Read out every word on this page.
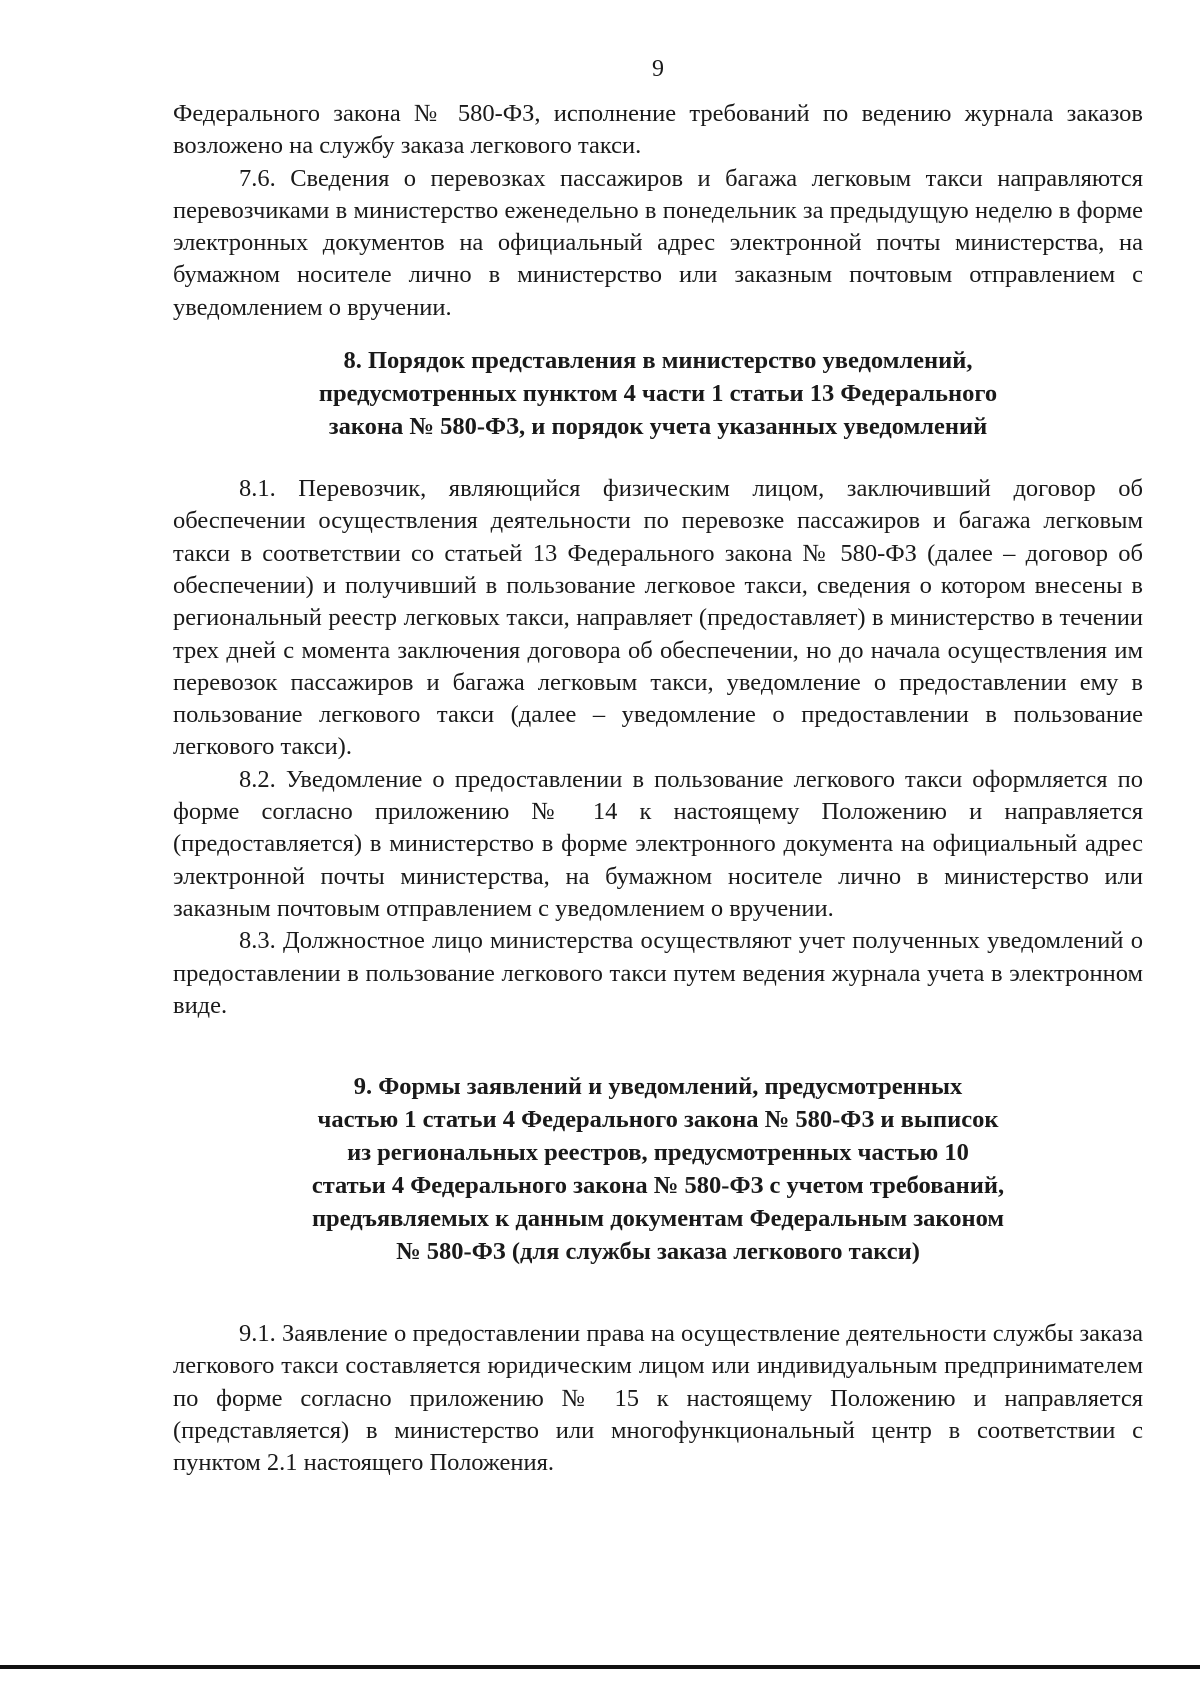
9

Федерального закона № 580-ФЗ, исполнение требований по ведению журнала заказов возложено на службу заказа легкового такси.

7.6. Сведения о перевозках пассажиров и багажа легковым такси направляются перевозчиками в министерство еженедельно в понедельник за предыдущую неделю в форме электронных документов на официальный адрес электронной почты министерства, на бумажном носителе лично в министерство или заказным почтовым отправлением с уведомлением о вручении.

8. Порядок представления в министерство уведомлений,
предусмотренных пунктом 4 части 1 статьи 13 Федерального
закона № 580-ФЗ, и порядок учета указанных уведомлений

8.1. Перевозчик, являющийся физическим лицом, заключивший договор об обеспечении осуществления деятельности по перевозке пассажиров и багажа легковым такси в соответствии со статьей 13 Федерального закона № 580-ФЗ (далее – договор об обеспечении) и получивший в пользование легковое такси, сведения о котором внесены в региональный реестр легковых такси, направляет (предоставляет) в министерство в течении трех дней с момента заключения договора об обеспечении, но до начала осуществления им перевозок пассажиров и багажа легковым такси, уведомление о предоставлении ему в пользование легкового такси (далее – уведомление о предоставлении в пользование легкового такси).

8.2. Уведомление о предоставлении в пользование легкового такси оформляется по форме согласно приложению № 14 к настоящему Положению и направляется (предоставляется) в министерство в форме электронного документа на официальный адрес электронной почты министерства, на бумажном носителе лично в министерство или заказным почтовым отправлением с уведомлением о вручении.

8.3. Должностное лицо министерства осуществляют учет полученных уведомлений о предоставлении в пользование легкового такси путем ведения журнала учета в электронном виде.

9. Формы заявлений и уведомлений, предусмотренных
частью 1 статьи 4 Федерального закона № 580-ФЗ и выписок
из региональных реестров, предусмотренных частью 10
статьи 4 Федерального закона № 580-ФЗ с учетом требований,
предъявляемых к данным документам Федеральным законом
№ 580-ФЗ (для службы заказа легкового такси)

9.1. Заявление о предоставлении права на осуществление деятельности службы заказа легкового такси составляется юридическим лицом или индивидуальным предпринимателем по форме согласно приложению № 15 к настоящему Положению и направляется (представляется) в министерство или многофункциональный центр в соответствии с пунктом 2.1 настоящего Положения.
